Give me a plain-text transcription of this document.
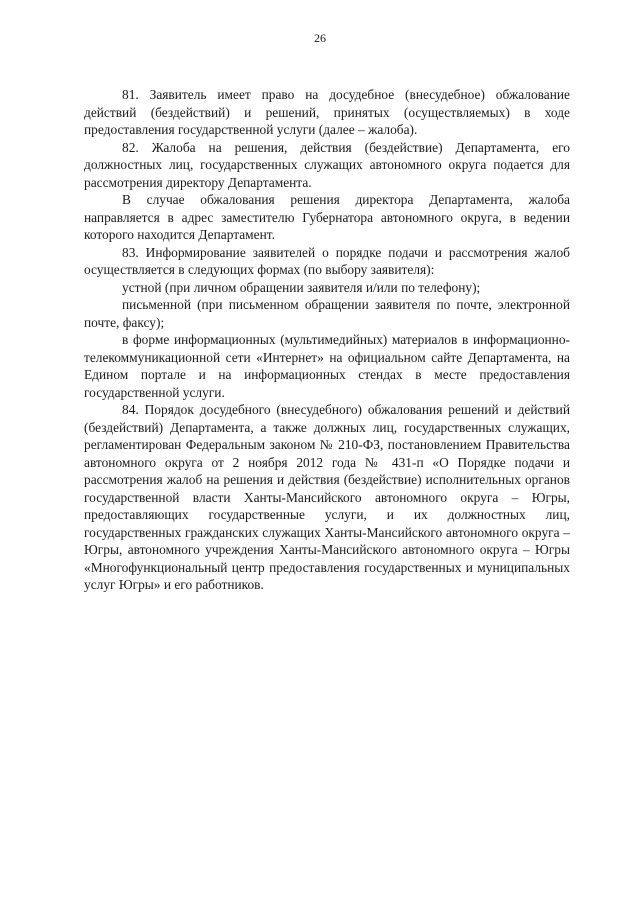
26

81. Заявитель имеет право на досудебное (внесудебное) обжалование действий (бездействий) и решений, принятых (осуществляемых) в ходе предоставления государственной услуги (далее – жалоба).

82. Жалоба на решения, действия (бездействие) Департамента, его должностных лиц, государственных служащих автономного округа подается для рассмотрения директору Департамента.

В случае обжалования решения директора Департамента, жалоба направляется в адрес заместителю Губернатора автономного округа, в ведении которого находится Департамент.

83. Информирование заявителей о порядке подачи и рассмотрения жалоб осуществляется в следующих формах (по выбору заявителя):

устной (при личном обращении заявителя и/или по телефону);

письменной (при письменном обращении заявителя по почте, электронной почте, факсу);

в форме информационных (мультимедийных) материалов в информационно-телекоммуникационной сети «Интернет» на официальном сайте Департамента, на Едином портале и на информационных стендах в месте предоставления государственной услуги.

84. Порядок досудебного (внесудебного) обжалования решений и действий (бездействий) Департамента, а также должных лиц, государственных служащих, регламентирован Федеральным законом № 210-ФЗ, постановлением Правительства автономного округа от 2 ноября 2012 года № 431-п «О Порядке подачи и рассмотрения жалоб на решения и действия (бездействие) исполнительных органов государственной власти Ханты-Мансийского автономного округа – Югры, предоставляющих государственные услуги, и их должностных лиц, государственных гражданских служащих Ханты-Мансийского автономного округа – Югры, автономного учреждения Ханты-Мансийского автономного округа – Югры «Многофункциональный центр предоставления государственных и муниципальных услуг Югры» и его работников.
